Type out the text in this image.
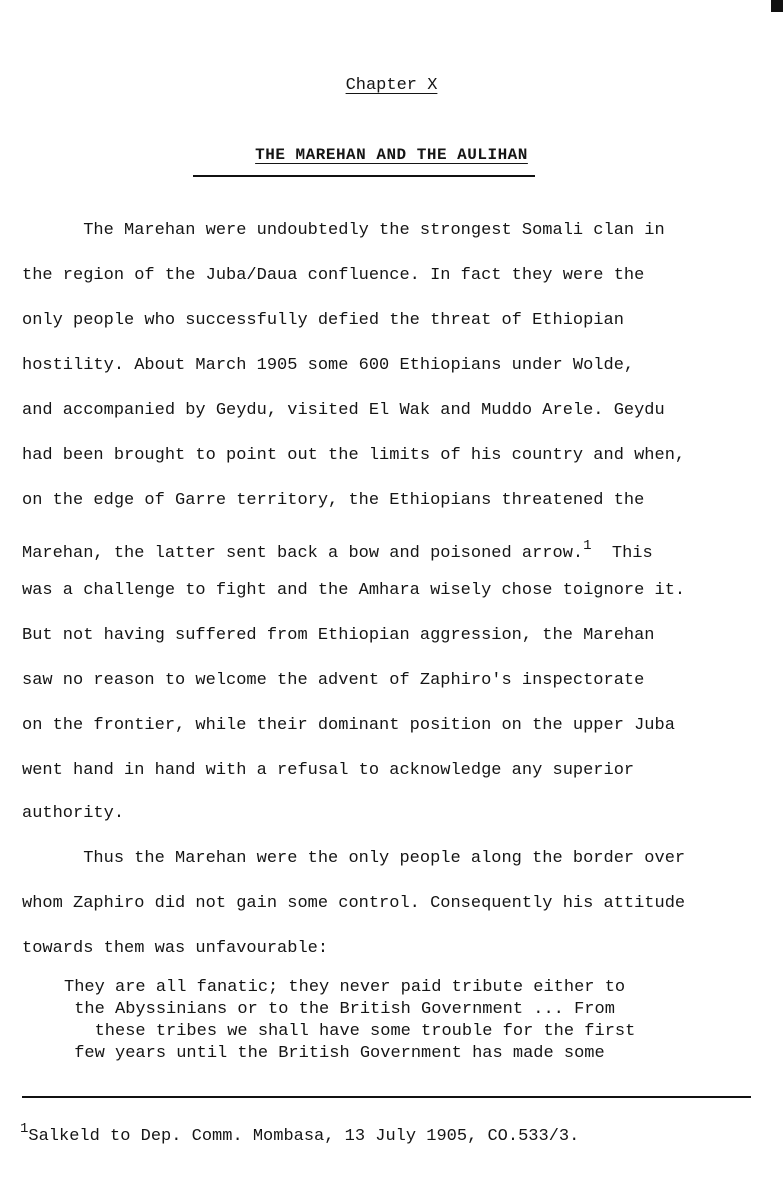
Chapter X
THE MAREHAN AND THE AULIHAN
The Marehan were undoubtedly the strongest Somali clan in
the region of the Juba/Daua confluence. In fact they were the
only people who successfully defied the threat of Ethiopian
hostility. About March 1905 some 600 Ethiopians under Wolde,
and accompanied by Geydu, visited El Wak and Muddo Arele. Geydu
had been brought to point out the limits of his country and when,
on the edge of Garre territory, the Ethiopians threatened the
Marehan, the latter sent back a bow and poisoned arrow.$^1$  This
was a challenge to fight and the Amhara wisely chose toignore it.
But not having suffered from Ethiopian aggression, the Marehan
saw no reason to welcome the advent of Zaphiro's inspectorate
on the frontier, while their dominant position on the upper Juba
went hand in hand with a refusal to acknowledge any superior
authority.
Thus the Marehan were the only people along the border over
whom Zaphiro did not gain some control. Consequently his attitude
towards them was unfavourable:
They are all fanatic; they never paid tribute either to
the Abyssinians or to the British Government ... From
these tribes we shall have some trouble for the first
few years until the British Government has made some
$^1$Salkeld to Dep. Comm. Mombasa, 13 July 1905, CO.533/3.
